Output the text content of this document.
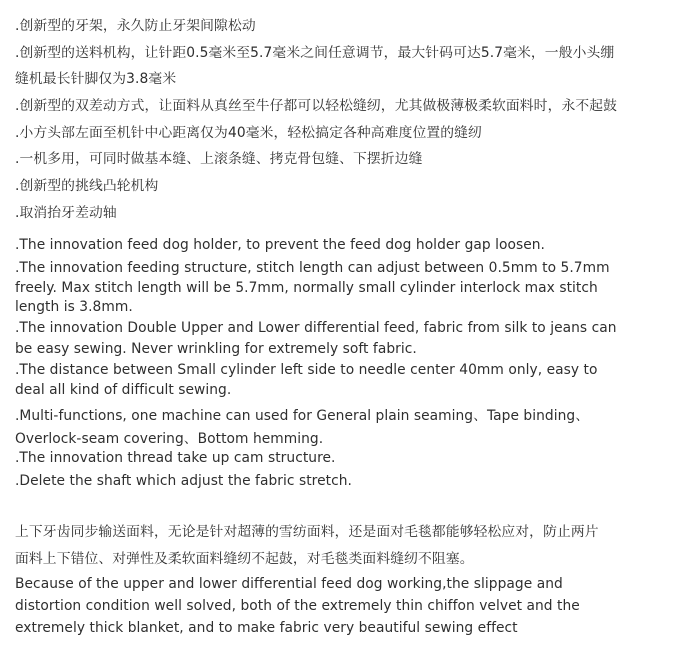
.创新型的牙架，永久防止牙架间隙松动
.创新型的送料机构，让针距0.5毫米至5.7毫米之间任意调节，最大针码可达5.7毫米，一般小头绷
缝机最长针脚仅为3.8毫米
.创新型的双差动方式，让面料从真丝至牛仔都可以轻松缝纫，尤其做极薄极柔软面料时，永不起鼓
.小方头部左面至机针中心距离仅为40毫米，轻松搞定各种高难度位置的缝纫
.一机多用，可同时做基本缝、上滚条缝、拷克骨包缝、下摆折边缝
.创新型的挑线凸轮机构
.取消抬牙差动轴
.The innovation feed dog holder, to prevent the feed dog holder gap loosen.
.The innovation feeding structure, stitch length can adjust between 0.5mm to 5.7mm
freely. Max stitch length will be 5.7mm, normally small cylinder interlock max stitch
length is 3.8mm.
.The innovation Double Upper and Lower differential feed, fabric from silk to jeans can
be easy sewing. Never wrinkling for extremely soft fabric.
.The distance between Small cylinder left side to needle center 40mm only, easy to
deal all kind of difficult sewing.
.Multi-functions, one machine can used for General plain seaming、Tape binding、
Overlock-seam covering、Bottom hemming.
.The innovation thread take up cam structure.
.Delete the shaft which adjust the fabric stretch.
上下牙齿同步输送面料，无论是针对超薄的雪纺面料，还是面对毛毯都能够轻松应对，防止两片
面料上下错位、对弹性及柔软面料缝纫不起鼓，对毛毯类面料缝纫不阻塞。
Because of the upper and lower differential feed dog working,the slippage and
distortion condition well solved, both of the extremely thin chiffon velvet and the
extremely thick blanket, and to make fabric very beautiful sewing effect
